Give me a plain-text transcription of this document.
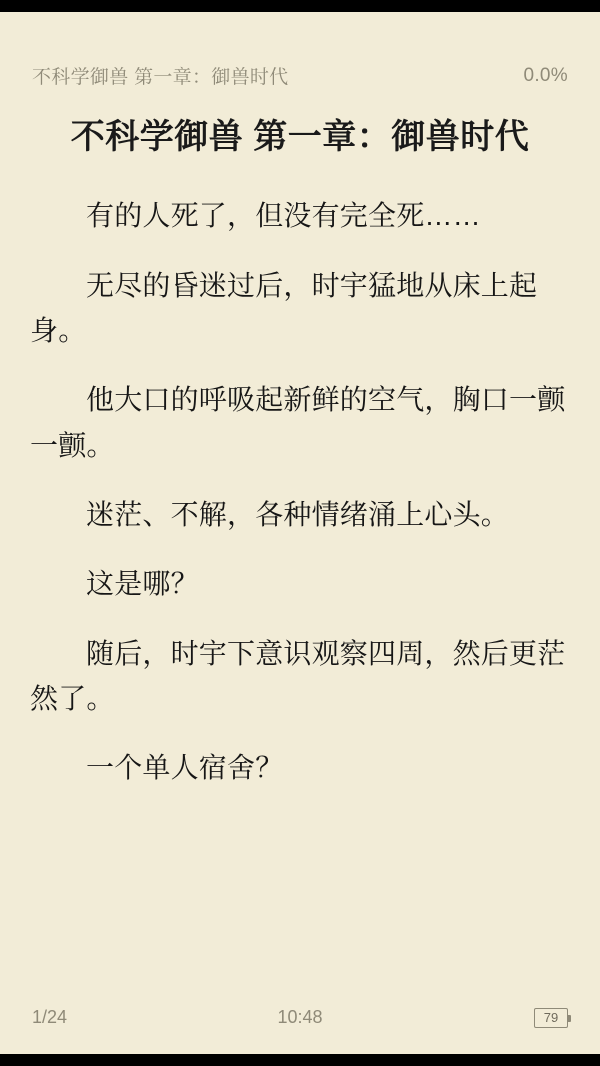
不科学御兽 第一章：御兽时代	0.0%
不科学御兽 第一章：御兽时代

有的人死了，但没有完全死……

无尽的昏迷过后，时宇猛地从床上起身。

他大口的呼吸起新鲜的空气，胸口一颤一颤。

迷茫、不解，各种情绪涌上心头。

这是哪？

随后，时宇下意识观察四周，然后更茫然了。

一个单人宿舍？

1/24	10:48	79
